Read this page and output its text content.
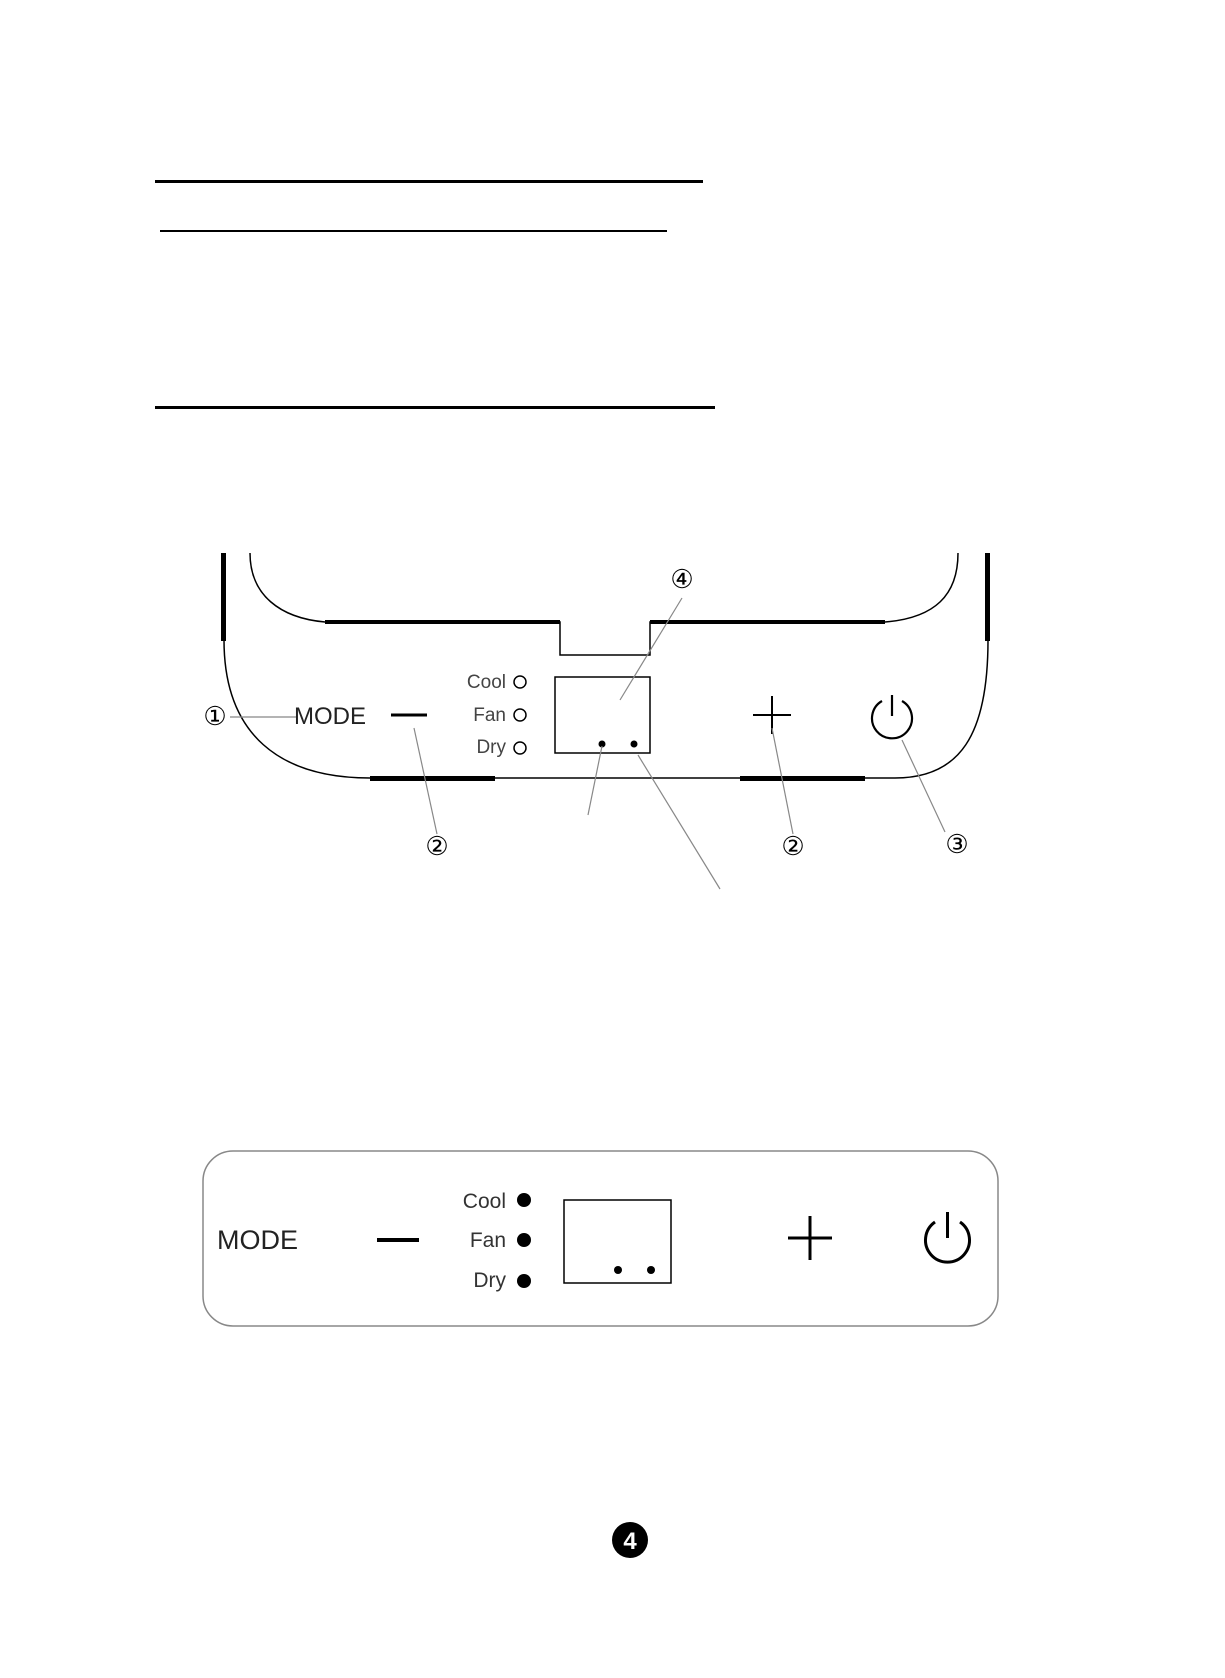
MODE
Cool
Fan
Dry
①
②	②	③
④
MODE
Cool
Fan
Dry
4
